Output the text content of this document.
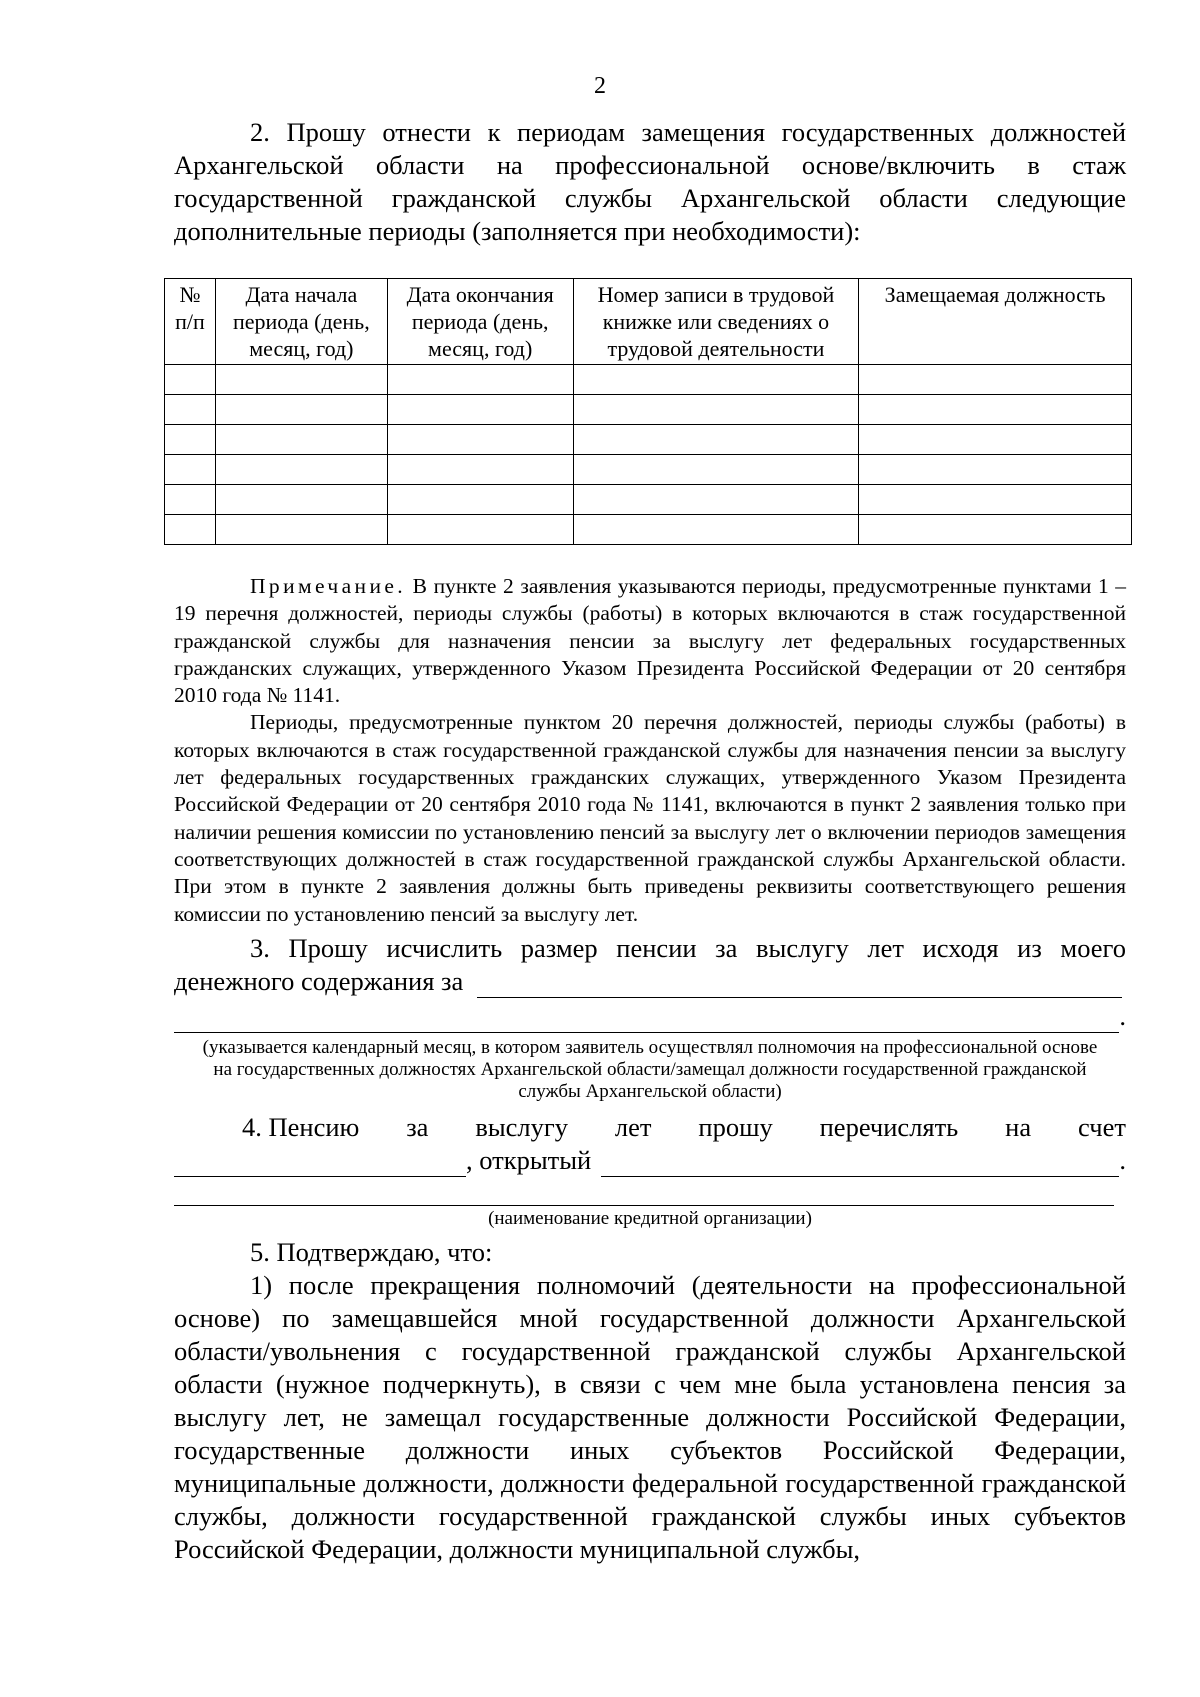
2

2. Прошу отнести к периодам замещения государственных должностей Архангельской области на профессиональной основе/включить в стаж государственной гражданской службы Архангельской области следующие дополнительные периоды (заполняется при необходимости):

№ п/п	Дата начала периода (день, месяц, год)	Дата окончания периода (день, месяц, год)	Номер записи в трудовой книжке или сведениях о трудовой деятельности	Замещаемая должность

Примечание. В пункте 2 заявления указываются периоды, предусмотренные пунктами 1 – 19 перечня должностей, периоды службы (работы) в которых включаются в стаж государственной гражданской службы для назначения пенсии за выслугу лет федеральных государственных гражданских служащих, утвержденного Указом Президента Российской Федерации от 20 сентября 2010 года № 1141.

Периоды, предусмотренные пунктом 20 перечня должностей, периоды службы (работы) в которых включаются в стаж государственной гражданской службы для назначения пенсии за выслугу лет федеральных государственных гражданских служащих, утвержденного Указом Президента Российской Федерации от 20 сентября 2010 года № 1141, включаются в пункт 2 заявления только при наличии решения комиссии по установлению пенсий за выслугу лет о включении периодов замещения соответствующих должностей в стаж государственной гражданской службы Архангельской области. При этом в пункте 2 заявления должны быть приведены реквизиты соответствующего решения комиссии по установлению пенсий за выслугу лет.

3. Прошу исчислить размер пенсии за выслугу лет исходя из моего

денежного содержания за
.
(указывается календарный месяц, в котором заявитель осуществлял полномочия на профессиональной основе на государственных должностях Архангельской области/замещал должности государственной гражданской службы Архангельской области)
4. Пенсию за выслугу лет прошу перечислять на счет
, открытый	.
(наименование кредитной организации)

5. Подтверждаю, что:

1) после прекращения полномочий (деятельности на профессиональной основе) по замещавшейся мной государственной должности Архангельской области/увольнения с государственной гражданской службы Архангельской области (нужное подчеркнуть), в связи с чем мне была установлена пенсия за выслугу лет, не замещал государственные должности Российской Федерации, государственные должности иных субъектов Российской Федерации, муниципальные должности, должности федеральной государственной гражданской службы, должности государственной гражданской службы иных субъектов Российской Федерации, должности муниципальной службы,
